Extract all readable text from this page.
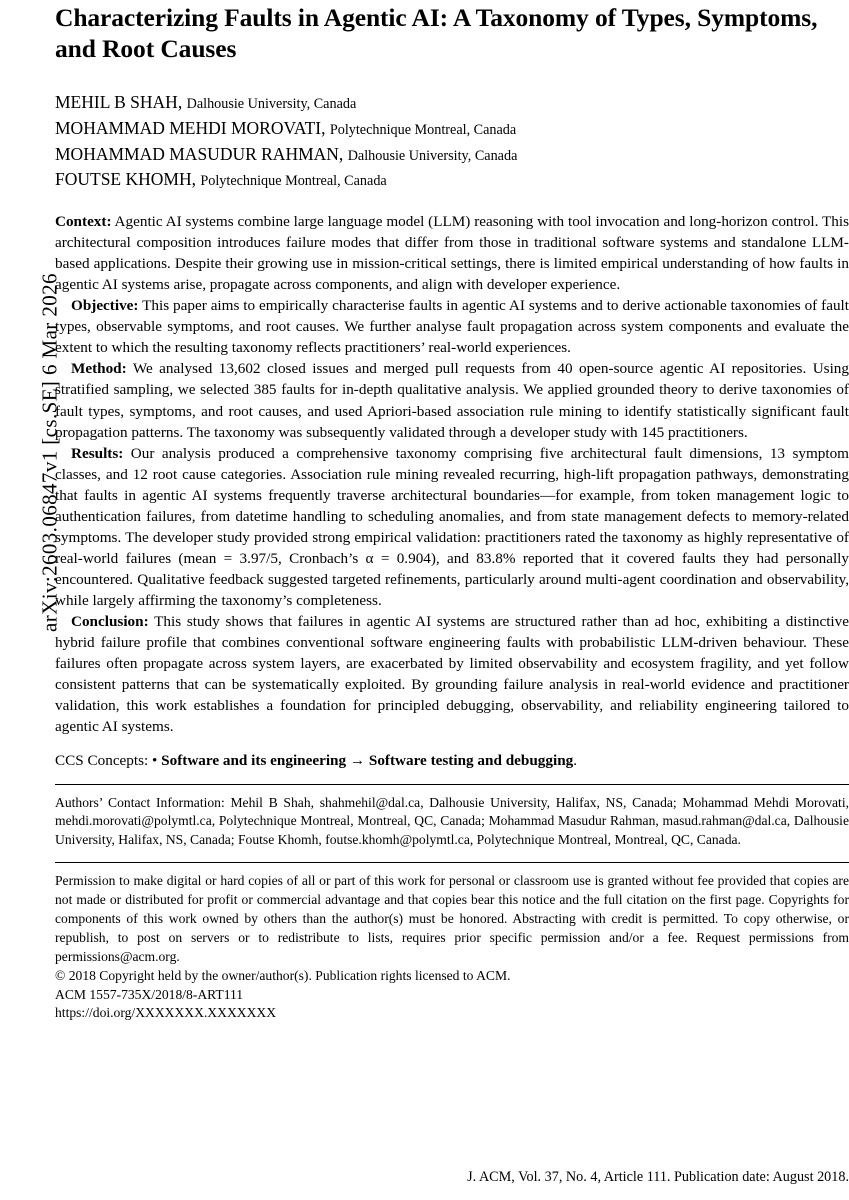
arXiv:2603.06847v1 [cs.SE] 6 Mar 2026
Characterizing Faults in Agentic AI: A Taxonomy of Types, Symptoms, and Root Causes
MEHIL B SHAH, Dalhousie University, Canada
MOHAMMAD MEHDI MOROVATI, Polytechnique Montreal, Canada
MOHAMMAD MASUDUR RAHMAN, Dalhousie University, Canada
FOUTSE KHOMH, Polytechnique Montreal, Canada

Context: Agentic AI systems combine large language model (LLM) reasoning with tool invocation and long-horizon control. This architectural composition introduces failure modes that differ from those in traditional software systems and standalone LLM-based applications. Despite their growing use in mission-critical settings, there is limited empirical understanding of how faults in agentic AI systems arise, propagate across components, and align with developer experience.

Objective: This paper aims to empirically characterise faults in agentic AI systems and to derive actionable taxonomies of fault types, observable symptoms, and root causes. We further analyse fault propagation across system components and evaluate the extent to which the resulting taxonomy reflects practitioners’ real-world experiences.

Method: We analysed 13,602 closed issues and merged pull requests from 40 open-source agentic AI repositories. Using stratified sampling, we selected 385 faults for in-depth qualitative analysis. We applied grounded theory to derive taxonomies of fault types, symptoms, and root causes, and used Apriori-based association rule mining to identify statistically significant fault propagation patterns. The taxonomy was subsequently validated through a developer study with 145 practitioners.

Results: Our analysis produced a comprehensive taxonomy comprising five architectural fault dimensions, 13 symptom classes, and 12 root cause categories. Association rule mining revealed recurring, high-lift propagation pathways, demonstrating that faults in agentic AI systems frequently traverse architectural boundaries—for example, from token management logic to authentication failures, from datetime handling to scheduling anomalies, and from state management defects to memory-related symptoms. The developer study provided strong empirical validation: practitioners rated the taxonomy as highly representative of real-world failures (mean = 3.97/5, Cronbach’s α = 0.904), and 83.8% reported that it covered faults they had personally encountered. Qualitative feedback suggested targeted refinements, particularly around multi-agent coordination and observability, while largely affirming the taxonomy’s completeness.

Conclusion: This study shows that failures in agentic AI systems are structured rather than ad hoc, exhibiting a distinctive hybrid failure profile that combines conventional software engineering faults with probabilistic LLM-driven behaviour. These failures often propagate across system layers, are exacerbated by limited observability and ecosystem fragility, and yet follow consistent patterns that can be systematically exploited. By grounding failure analysis in real-world evidence and practitioner validation, this work establishes a foundation for principled debugging, observability, and reliability engineering tailored to agentic AI systems.

CCS Concepts: • Software and its engineering → Software testing and debugging.
Authors’ Contact Information: Mehil B Shah, shahmehil@dal.ca, Dalhousie University, Halifax, NS, Canada; Mohammad Mehdi Morovati, mehdi.morovati@polymtl.ca, Polytechnique Montreal, Montreal, QC, Canada; Mohammad Masudur Rahman, masud.rahman@dal.ca, Dalhousie University, Halifax, NS, Canada; Foutse Khomh, foutse.khomh@polymtl.ca, Polytechnique Montreal, Montreal, QC, Canada.
Permission to make digital or hard copies of all or part of this work for personal or classroom use is granted without fee provided that copies are not made or distributed for profit or commercial advantage and that copies bear this notice and the full citation on the first page. Copyrights for components of this work owned by others than the author(s) must be honored. Abstracting with credit is permitted. To copy otherwise, or republish, to post on servers or to redistribute to lists, requires prior specific permission and/or a fee. Request permissions from permissions@acm.org.
© 2018 Copyright held by the owner/author(s). Publication rights licensed to ACM.
ACM 1557-735X/2018/8-ART111
https://doi.org/XXXXXXX.XXXXXXX
J. ACM, Vol. 37, No. 4, Article 111. Publication date: August 2018.
